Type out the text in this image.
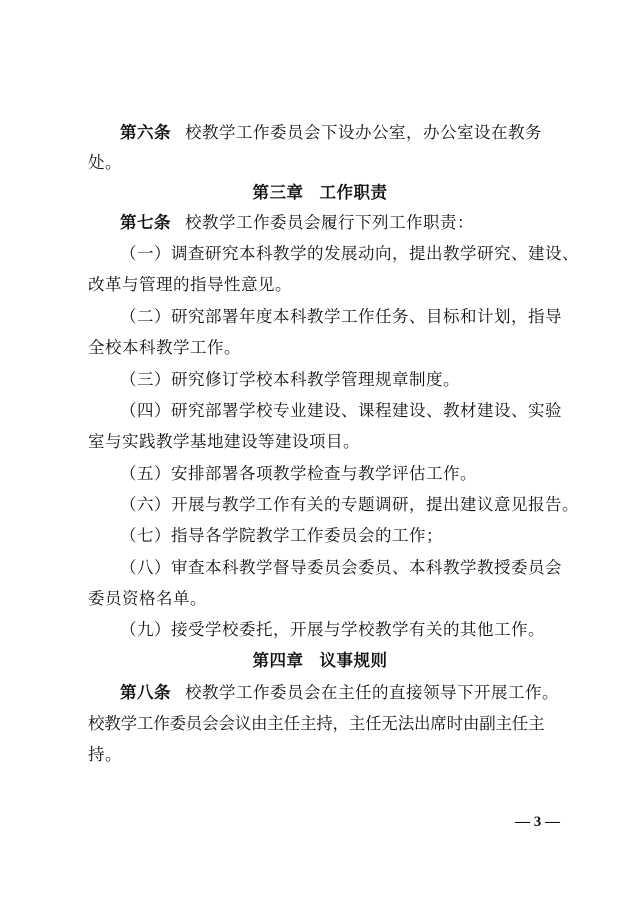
第六条 校教学工作委员会下设办公室，办公室设在教务
处。
第三章 工作职责
第七条 校教学工作委员会履行下列工作职责：
（一）调查研究本科教学的发展动向，提出教学研究、建设、
改革与管理的指导性意见。
（二）研究部署年度本科教学工作任务、目标和计划，指导
全校本科教学工作。
（三）研究修订学校本科教学管理规章制度。
（四）研究部署学校专业建设、课程建设、教材建设、实验
室与实践教学基地建设等建设项目。
（五）安排部署各项教学检查与教学评估工作。
（六）开展与教学工作有关的专题调研，提出建议意见报告。
（七）指导各学院教学工作委员会的工作；
（八）审查本科教学督导委员会委员、本科教学教授委员会
委员资格名单。
（九）接受学校委托，开展与学校教学有关的其他工作。
第四章 议事规则
第八条 校教学工作委员会在主任的直接领导下开展工作。
校教学工作委员会会议由主任主持，主任无法出席时由副主任主
持。
— 3 —
